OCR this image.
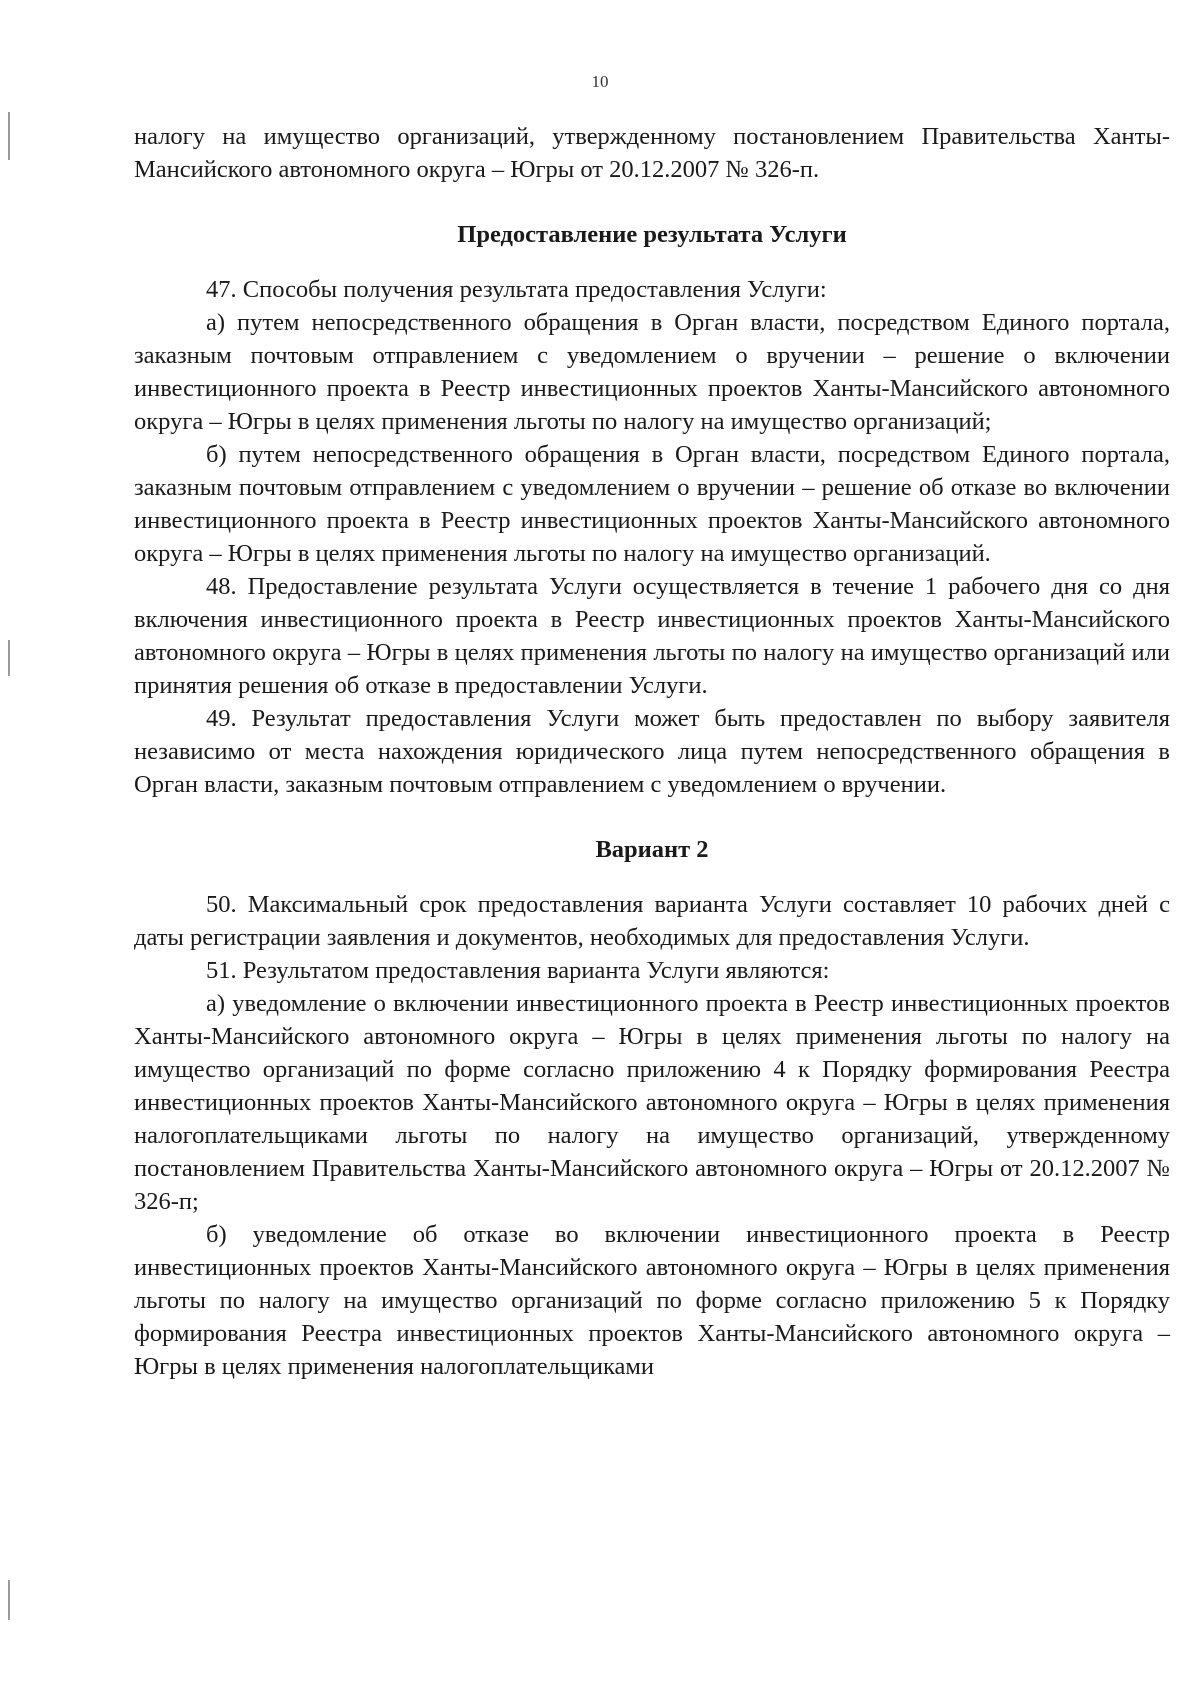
10

налогу на имущество организаций, утвержденному постановлением Правительства Ханты-Мансийского автономного округа – Югры от 20.12.2007 № 326-п.

Предоставление результата Услуги

47. Способы получения результата предоставления Услуги:

а) путем непосредственного обращения в Орган власти, посредством Единого портала, заказным почтовым отправлением с уведомлением о вручении – решение о включении инвестиционного проекта в Реестр инвестиционных проектов Ханты-Мансийского автономного округа – Югры в целях применения льготы по налогу на имущество организаций;

б) путем непосредственного обращения в Орган власти, посредством Единого портала, заказным почтовым отправлением с уведомлением о вручении – решение об отказе во включении инвестиционного проекта в Реестр инвестиционных проектов Ханты-Мансийского автономного округа – Югры в целях применения льготы по налогу на имущество организаций.

48. Предоставление результата Услуги осуществляется в течение 1 рабочего дня со дня включения инвестиционного проекта в Реестр инвестиционных проектов Ханты-Мансийского автономного округа – Югры в целях применения льготы по налогу на имущество организаций или принятия решения об отказе в предоставлении Услуги.

49. Результат предоставления Услуги может быть предоставлен по выбору заявителя независимо от места нахождения юридического лица путем непосредственного обращения в Орган власти, заказным почтовым отправлением с уведомлением о вручении.

Вариант 2

50. Максимальный срок предоставления варианта Услуги составляет 10 рабочих дней с даты регистрации заявления и документов, необходимых для предоставления Услуги.

51. Результатом предоставления варианта Услуги являются:

а) уведомление о включении инвестиционного проекта в Реестр инвестиционных проектов Ханты-Мансийского автономного округа – Югры в целях применения льготы по налогу на имущество организаций по форме согласно приложению 4 к Порядку формирования Реестра инвестиционных проектов Ханты-Мансийского автономного округа – Югры в целях применения налогоплательщиками льготы по налогу на имущество организаций, утвержденному постановлением Правительства Ханты-Мансийского автономного округа – Югры от 20.12.2007 № 326-п;

б) уведомление об отказе во включении инвестиционного проекта в Реестр инвестиционных проектов Ханты-Мансийского автономного округа – Югры в целях применения льготы по налогу на имущество организаций по форме согласно приложению 5 к Порядку формирования Реестра инвестиционных проектов Ханты-Мансийского автономного округа – Югры в целях применения налогоплательщиками
